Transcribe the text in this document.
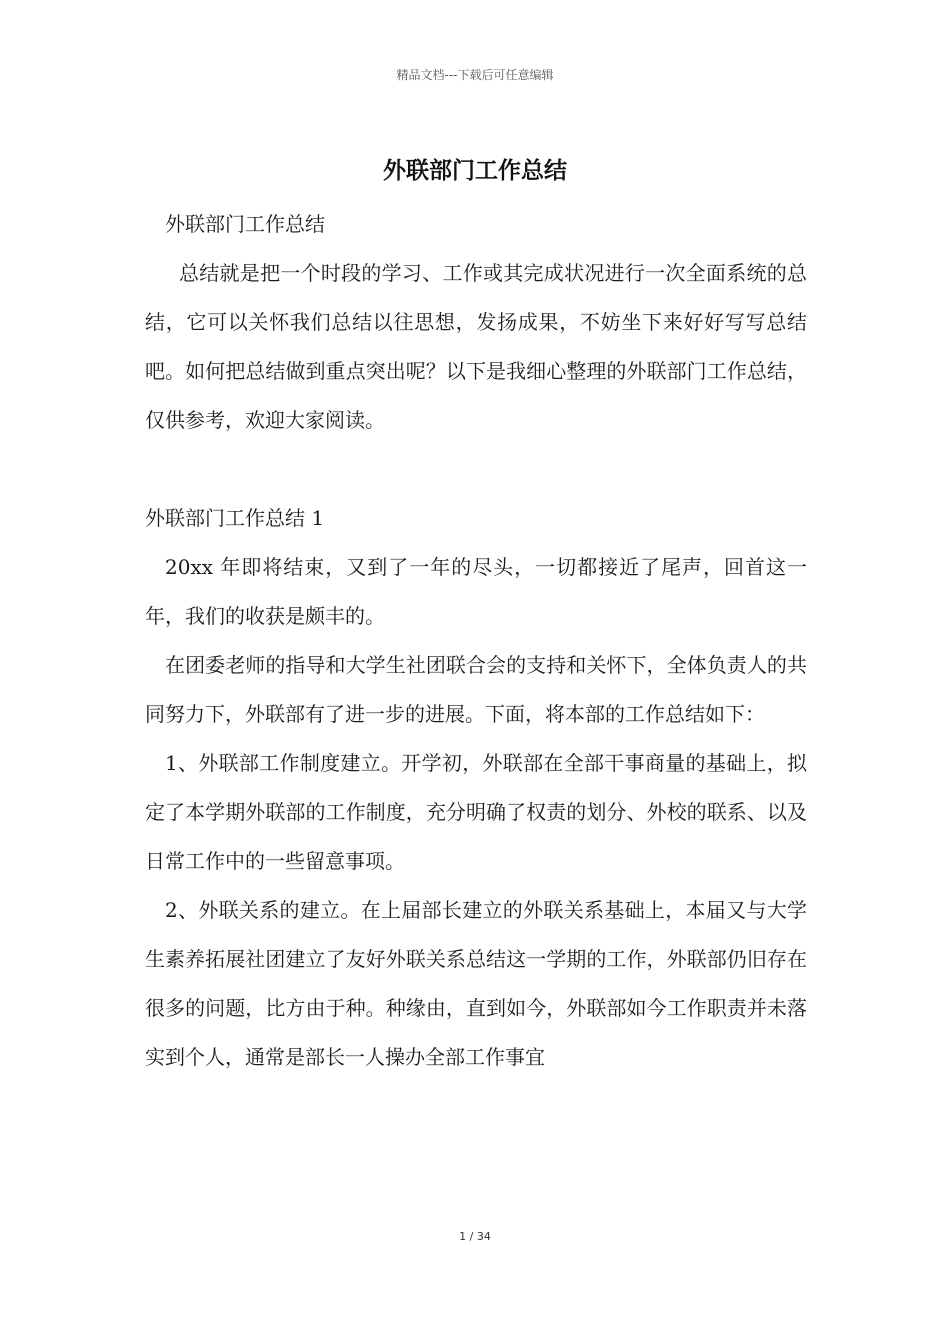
精品文档---下载后可任意编辑
外联部门工作总结

外联部门工作总结

总结就是把一个时段的学习、工作或其完成状况进行一次全面系统的总结，它可以关怀我们总结以往思想，发扬成果，不妨坐下来好好写写总结吧。如何把总结做到重点突出呢？以下是我细心整理的外联部门工作总结，仅供参考，欢迎大家阅读。

外联部门工作总结 1

20xx 年即将结束，又到了一年的尽头，一切都接近了尾声，回首这一年，我们的收获是颇丰的。

在团委老师的指导和大学生社团联合会的支持和关怀下，全体负责人的共同努力下，外联部有了进一步的进展。下面，将本部的工作总结如下：

1、外联部工作制度建立。开学初，外联部在全部干事商量的基础上，拟定了本学期外联部的工作制度，充分明确了权责的划分、外校的联系、以及日常工作中的一些留意事项。

2、外联关系的建立。在上届部长建立的外联关系基础上，本届又与大学生素养拓展社团建立了友好外联关系总结这一学期的工作，外联部仍旧存在很多的问题，比方由于种。种缘由，直到如今，外联部如今工作职责并未落实到个人，通常是部长一人操办全部工作事宜

1 / 34
